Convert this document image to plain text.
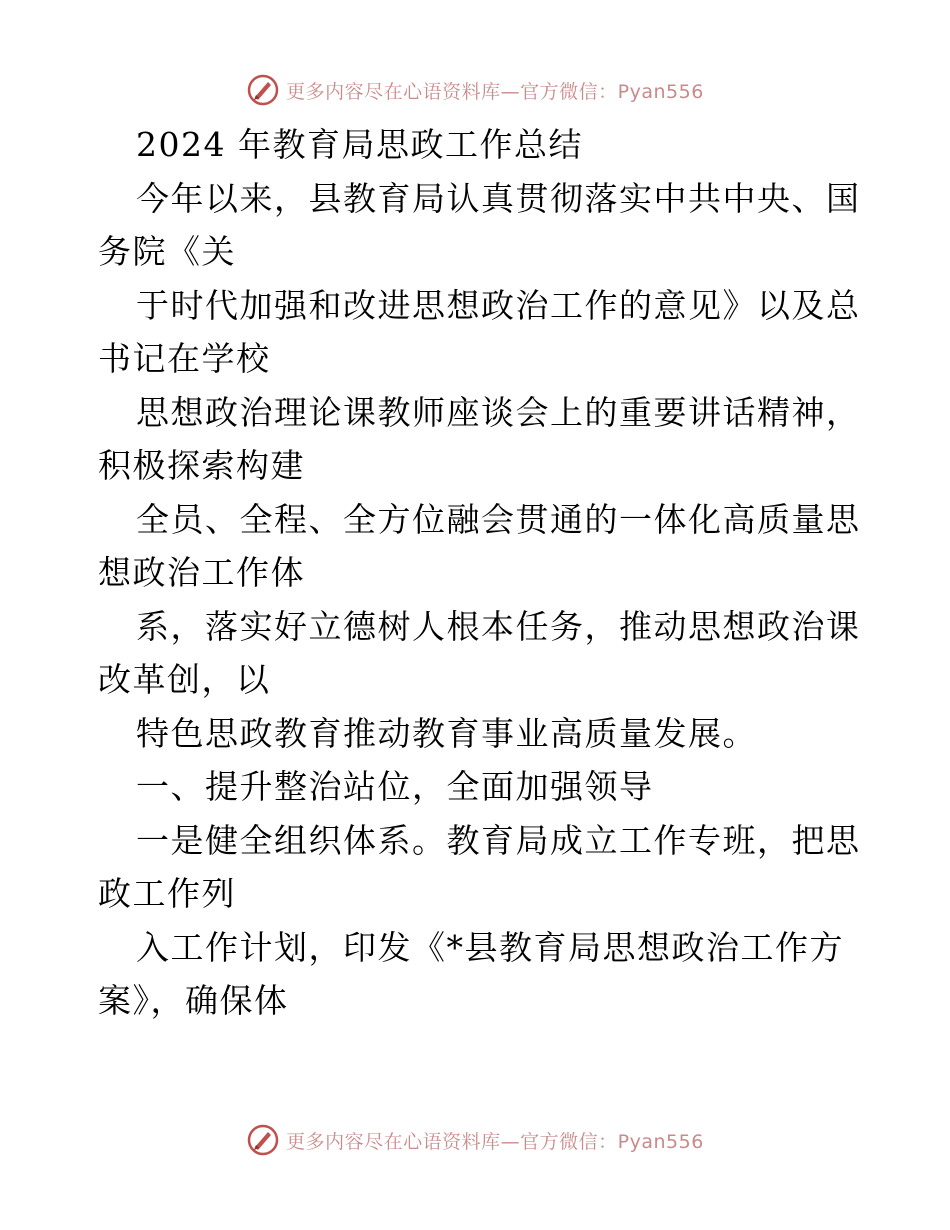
更多内容尽在心语资料库—官方微信：Pyan556
2024 年教育局思政工作总结
今年以来，县教育局认真贯彻落实中共中央、国
务院《关
于时代加强和改进思想政治工作的意见》以及总
书记在学校
思想政治理论课教师座谈会上的重要讲话精神，
积极探索构建
全员、全程、全方位融会贯通的一体化高质量思
想政治工作体
系，落实好立德树人根本任务，推动思想政治课
改革创，以
特色思政教育推动教育事业高质量发展。
一、提升整治站位，全面加强领导
一是健全组织体系。教育局成立工作专班，把思
政工作列
入工作计划，印发《*县教育局思想政治工作方
案》，确保体
更多内容尽在心语资料库—官方微信：Pyan556
